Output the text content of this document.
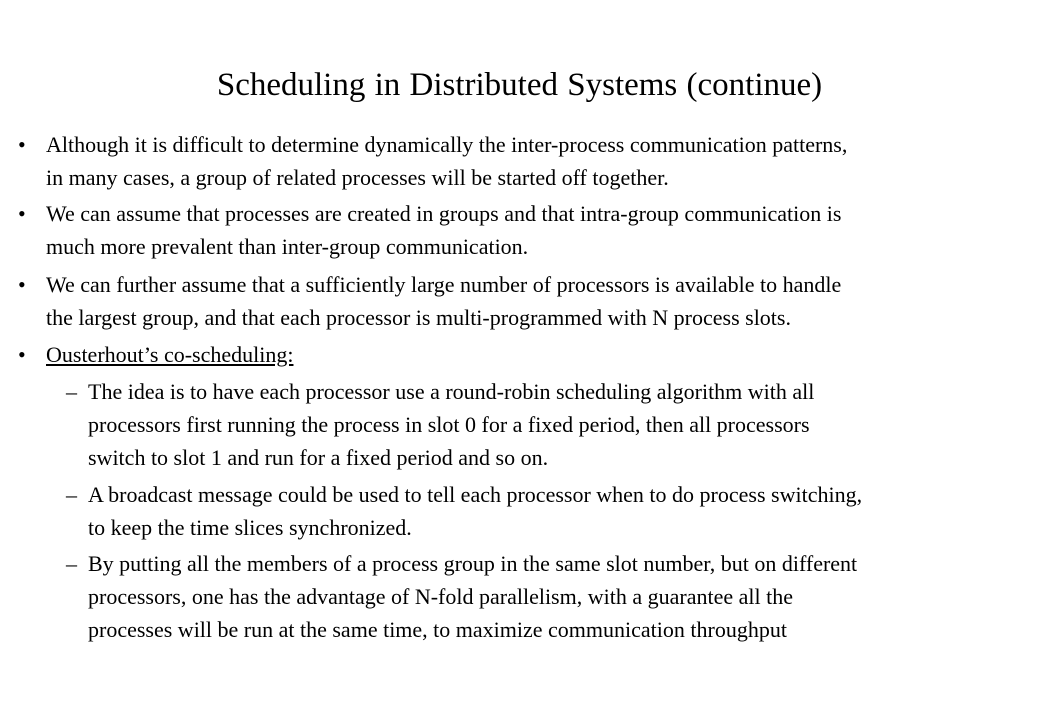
Scheduling in Distributed Systems (continue)
• Although it is difficult to determine dynamically the inter-process communication patterns,
in many cases, a group of related processes will be started off together.
• We can assume that processes are created in groups and that intra-group communication is
much more prevalent than inter-group communication.
• We can further assume that a sufficiently large number of processors is available to handle
the largest group, and that each processor is multi-programmed with N process slots.
• Ousterhout’s co-scheduling:
– The idea is to have each processor use a round-robin scheduling algorithm with all
processors first running the process in slot 0 for a fixed period, then all processors
switch to slot 1 and run for a fixed period and so on.
– A broadcast message could be used to tell each processor when to do process switching,
to keep the time slices synchronized.
– By putting all the members of a process group in the same slot number, but on different
processors, one has the advantage of N-fold parallelism, with a guarantee all the
processes will be run at the same time, to maximize communication throughput
